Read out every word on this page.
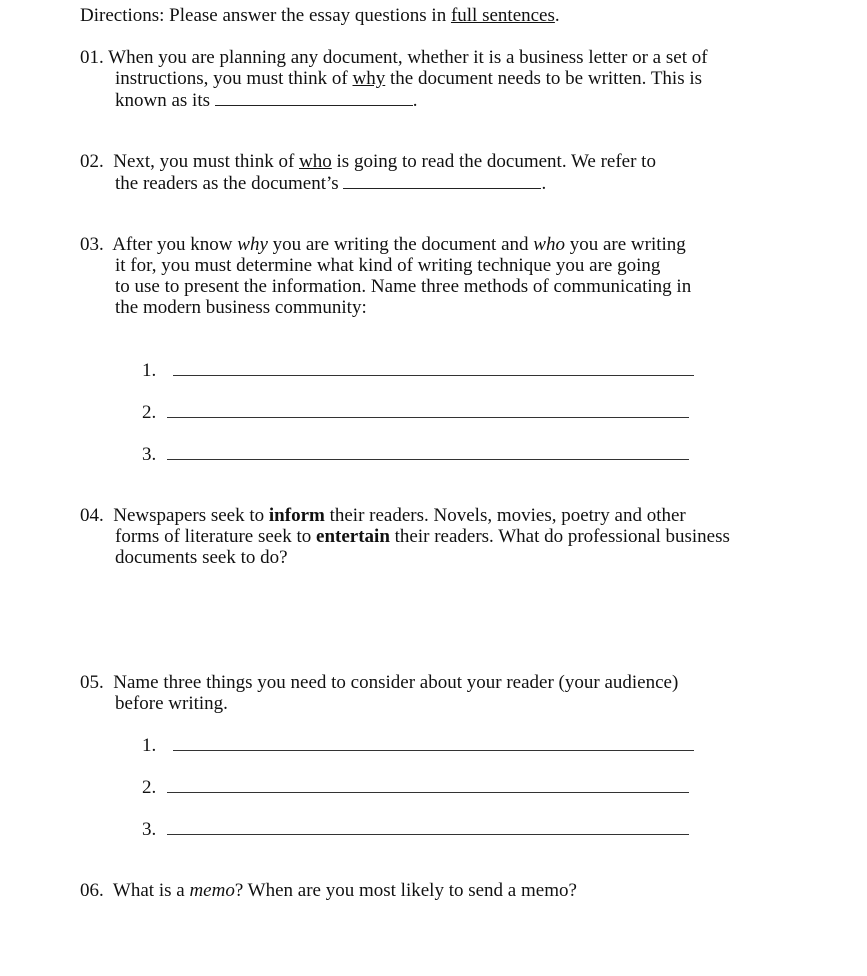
Directions: Please answer the essay questions in full sentences.
01. When you are planning any document, whether it is a business letter or a set of
instructions, you must think of why the document needs to be written. This is
known as its	.
02. Next, you must think of who is going to read the document. We refer to
the readers as the document’s	.
03. After you know why you are writing the document and who you are writing
it for, you must determine what kind of writing technique you are going
to use to present the information. Name three methods of communicating in
the modern business community:
1.
2.
3.
04. Newspapers seek to inform their readers. Novels, movies, poetry and other
forms of literature seek to entertain their readers. What do professional business
documents seek to do?
05. Name three things you need to consider about your reader (your audience)
before writing.
1.
2.
3.
06. What is a memo? When are you most likely to send a memo?
